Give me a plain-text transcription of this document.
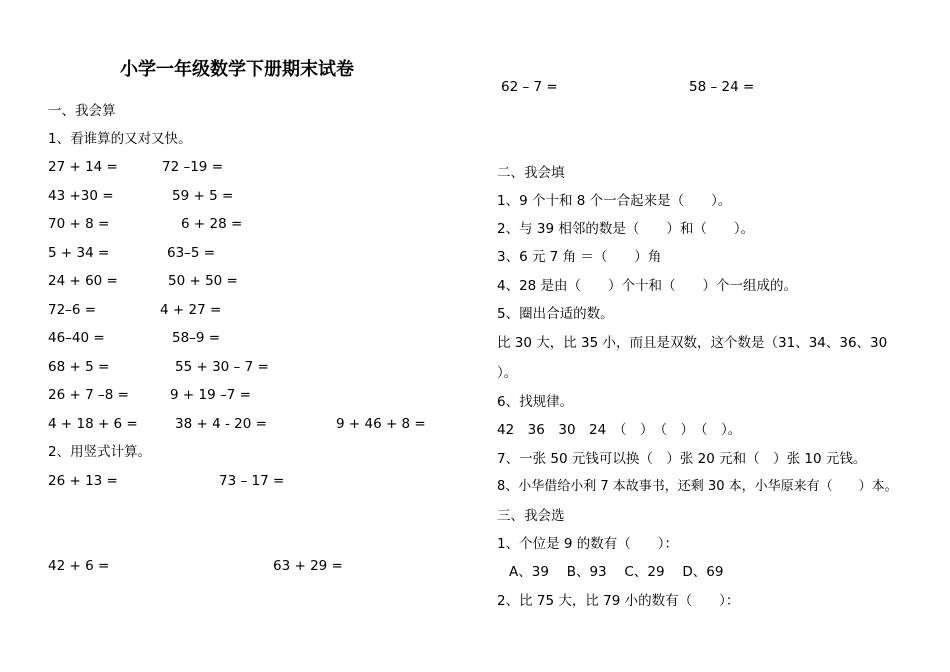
小学一年级数学下册期末试卷
一、我会算
1、看谁算的又对又快。
27 + 14 =	72 –19 =
43 +30 =	59 + 5 =
70 + 8 =	6 + 28 =
5 + 34 =	63–5 =
24 + 60 =	50 + 50 =
72–6 =	4 + 27 =
46–40 =	58–9 =
68 + 5 =	55 + 30 – 7 =
26 + 7 –8 =	9 + 19 –7 =
4 + 18 + 6 =	38 + 4 - 20 =	9 + 46 + 8 =
2、用竖式计算。
26 + 13 =	73 – 17 =
42 + 6 =	63 + 29 =
62 – 7 =	58 – 24 =
二、我会填
1、9 个十和 8 个一合起来是（　　）。
2、与 39 相邻的数是（　　）和（　　）。
3、6 元 7 角 ＝（　　）角
4、28 是由（　　）个十和（　　）个一组成的。
5、圈出合适的数。
比 30 大，比 35 小，而且是双数，这个数是（31、34、36、30
）。
6、找规律。
42　36　30　24　（　）　（　）　（　）。
7、一张 50 元钱可以换（　）张 20 元和（　）张 10 元钱。
8、小华借给小利 7 本故事书，还剩 30 本，小华原来有（　　）本。
三、我会选
1、个位是 9 的数有（　　）：
A、39　 B、93　 C、29　 D、69
2、比 75 大，比 79 小的数有（　　）：
